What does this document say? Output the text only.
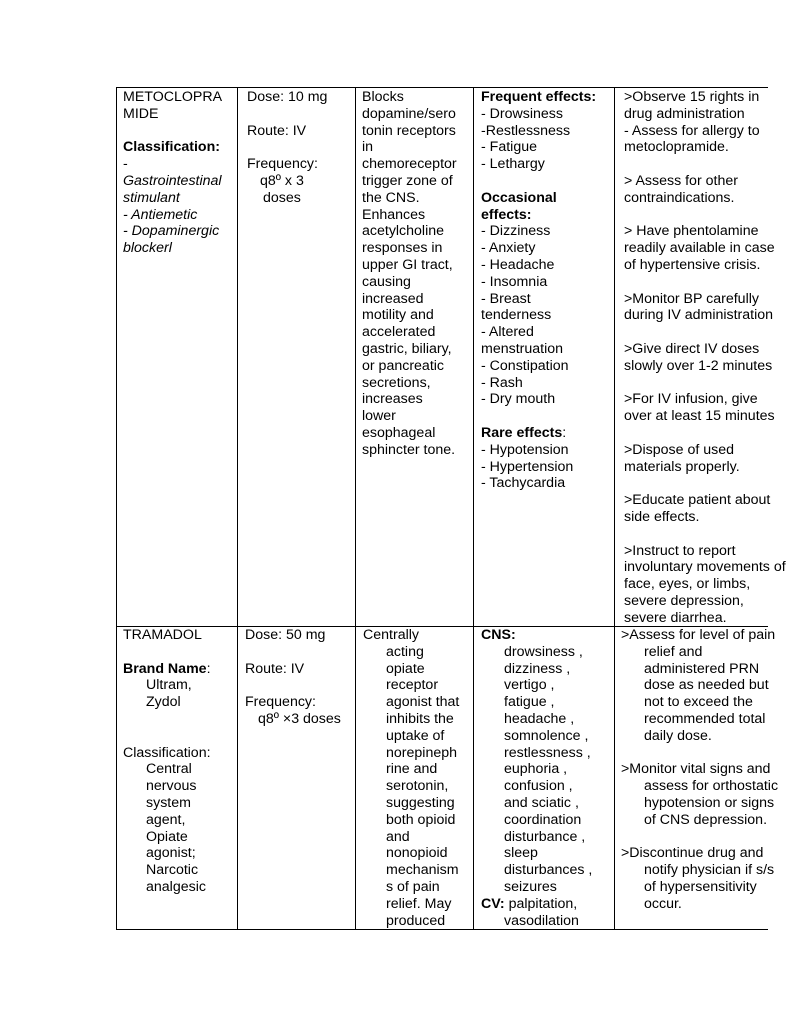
METOCLOPRA
MIDE
Classification:
-
Gastrointestinal
stimulant
- Antiemetic
- Dopaminergic
blockerl
Dose: 10 mg
Route: IV
Frequency:
q8º x 3
doses
Blocks
dopamine/sero
tonin receptors
in
chemoreceptor
trigger zone of
the CNS.
Enhances
acetylcholine
responses in
upper GI tract,
causing
increased
motility and
accelerated
gastric, biliary,
or pancreatic
secretions,
increases
lower
esophageal
sphincter tone.
Frequent effects:
- Drowsiness
-Restlessness
- Fatigue
- Lethargy
Occasional
effects:
- Dizziness
- Anxiety
- Headache
- Insomnia
- Breast
tenderness
- Altered
menstruation
- Constipation
- Rash
- Dry mouth
Rare effects:
- Hypotension
- Hypertension
- Tachycardia
>Observe 15 rights in
drug administration
- Assess for allergy to
metoclopramide.
> Assess for other
contraindications.
> Have phentolamine
readily available in case
of hypertensive crisis.
>Monitor BP carefully
during IV administration
>Give direct IV doses
slowly over 1-2 minutes
>For IV infusion, give
over at least 15 minutes
>Dispose of used
materials properly.
>Educate patient about
side effects.
>Instruct to report
involuntary movements of
face, eyes, or limbs,
severe depression,
severe diarrhea.
TRAMADOL
Brand Name:
Ultram,
Zydol
Classification:
Central
nervous
system
agent,
Opiate
agonist;
Narcotic
analgesic
Dose: 50 mg
Route: IV
Frequency:
q8º ×3 doses
Centrally
acting
opiate
receptor
agonist that
inhibits the
uptake of
norepineph
rine and
serotonin,
suggesting
both opioid
and
nonopioid
mechanism
s of pain
relief. May
produced
CNS:
drowsiness ,
dizziness ,
vertigo ,
fatigue ,
headache ,
somnolence ,
restlessness ,
euphoria ,
confusion ,
and sciatic ,
coordination
disturbance ,
sleep
disturbances ,
seizures
CV: palpitation,
vasodilation
>Assess for level of pain
relief and
administered PRN
dose as needed but
not to exceed the
recommended total
daily dose.
>Monitor vital signs and
assess for orthostatic
hypotension or signs
of CNS depression.
>Discontinue drug and
notify physician if s/s
of hypersensitivity
occur.
